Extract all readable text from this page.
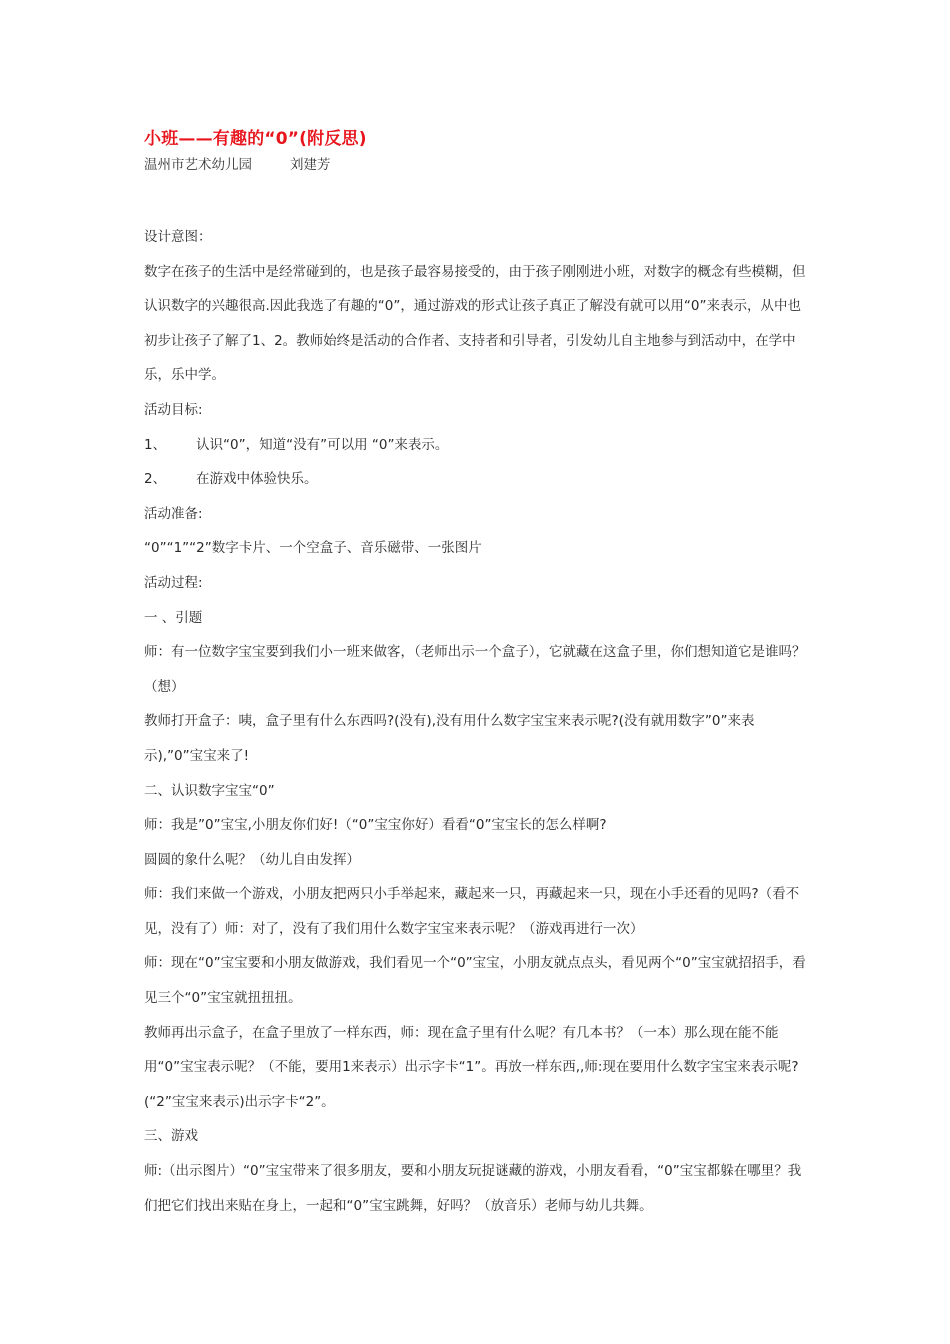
小班——有趣的“0”(附反思)
温州市艺术幼儿园	刘建芳

设计意图：

数字在孩子的生活中是经常碰到的，也是孩子最容易接受的，由于孩子刚刚进小班，对数字的概念有些模糊，但认识数字的兴趣很高.因此我选了有趣的“0”，通过游戏的形式让孩子真正了解没有就可以用“0”来表示，从中也初步让孩子了解了1、2。教师始终是活动的合作者、支持者和引导者，引发幼儿自主地参与到活动中，在学中乐，乐中学。

活动目标:

1、 认识“0”，知道“没有”可以用 “0”来表示。

2、 在游戏中体验快乐。

活动准备:

“0”“1”“2”数字卡片、一个空盒子、音乐磁带、一张图片

活动过程:

一 、引题

师：有一位数字宝宝要到我们小一班来做客，（老师出示一个盒子），它就藏在这盒子里，你们想知道它是谁吗？（想）

教师打开盒子：咦，盒子里有什么东西吗?(没有),没有用什么数字宝宝来表示呢?(没有就用数字”0”来表示),”0”宝宝来了!

二、认识数字宝宝“0”

师：我是”0”宝宝,小朋友你们好!（“0”宝宝你好）看看“0”宝宝长的怎么样啊?

圆圆的象什么呢？（幼儿自由发挥）

师：我们来做一个游戏，小朋友把两只小手举起来，藏起来一只，再藏起来一只，现在小手还看的见吗?（看不见，没有了）师：对了，没有了我们用什么数字宝宝来表示呢？（游戏再进行一次）

师：现在“0”宝宝要和小朋友做游戏，我们看见一个“0”宝宝，小朋友就点点头，看见两个“0”宝宝就招招手，看见三个“0”宝宝就扭扭扭。

教师再出示盒子，在盒子里放了一样东西，师：现在盒子里有什么呢？有几本书？（一本）那么现在能不能用“0”宝宝表示呢？（不能，要用1来表示）出示字卡“1”。再放一样东西,,师:现在要用什么数字宝宝来表示呢?(“2”宝宝来表示)出示字卡“2”。

三、游戏

师:（出示图片）“0”宝宝带来了很多朋友，要和小朋友玩捉谜藏的游戏，小朋友看看，“0”宝宝都躲在哪里？我们把它们找出来贴在身上，一起和“0”宝宝跳舞，好吗？（放音乐）老师与幼儿共舞。
